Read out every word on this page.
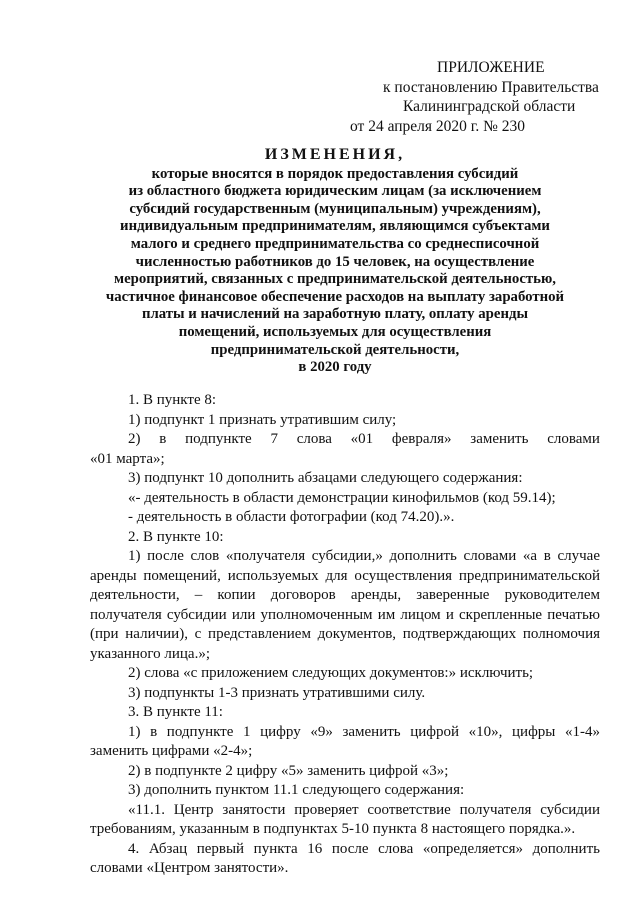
ПРИЛОЖЕНИЕ
к постановлению Правительства
Калининградской области
от 24 апреля 2020 г. № 230
ИЗМЕНЕНИЯ,
которые вносятся в порядок предоставления субсидий
из областного бюджета юридическим лицам (за исключением
субсидий государственным (муниципальным) учреждениям),
индивидуальным предпринимателям, являющимся субъектами
малого и среднего предпринимательства со среднесписочной
численностью работников до 15 человек, на осуществление
мероприятий, связанных с предпринимательской деятельностью,
частичное финансовое обеспечение расходов на выплату заработной
платы и начислений на заработную плату, оплату аренды
помещений, используемых для осуществления
предпринимательской деятельности,
в 2020 году

1. В пункте 8:

1) подпункт 1 признать утратившим силу;

2) в подпункте 7 слова «01 февраля» заменить словами

«01 марта»;

3) подпункт 10 дополнить абзацами следующего содержания:

«- деятельность в области демонстрации кинофильмов (код 59.14);

- деятельность в области фотографии (код 74.20).».

2. В пункте 10:

1) после слов «получателя субсидии,» дополнить словами «а в случае аренды помещений, используемых для осуществления предпринимательской деятельности, – копии договоров аренды, заверенные руководителем получателя субсидии или уполномоченным им лицом и скрепленные печатью (при наличии), с представлением документов, подтверждающих полномочия указанного лица.»;

2) слова «с приложением следующих документов:» исключить;

3) подпункты 1-3 признать утратившими силу.

3. В пункте 11:

1) в подпункте 1 цифру «9» заменить цифрой «10», цифры «1-4» заменить цифрами «2-4»;

2) в подпункте 2 цифру «5» заменить цифрой «3»;

3) дополнить пунктом 11.1 следующего содержания:

«11.1. Центр занятости проверяет соответствие получателя субсидии требованиям, указанным в подпунктах 5-10 пункта 8 настоящего порядка.».

4. Абзац первый пункта 16 после слова «определяется» дополнить словами «Центром занятости».
